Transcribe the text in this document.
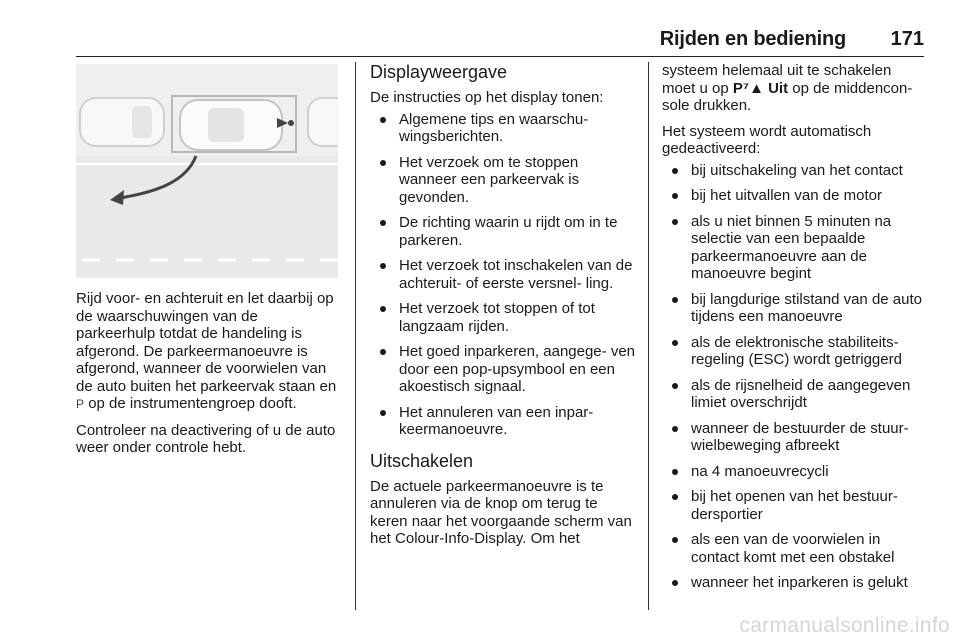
Rijden en bediening 171

Rijd voor- en achteruit en let daarbij op de waarschuwingen van de parkeerhulp totdat de handeling is afgerond. De parkeermanoeuvre is afgerond, wanneer de voorwielen van de auto buiten het parkeervak staan en P op de instrumentengroep dooft.

Controleer na deactivering of u de auto weer onder controle hebt.

Displayweergave

De instructies op het display tonen:

Algemene tips en waarschu- wingsberichten.
Het verzoek om te stoppen wanneer een parkeervak is gevonden.
De richting waarin u rijdt om in te parkeren.
Het verzoek tot inschakelen van de achteruit- of eerste versnel- ling.
Het verzoek tot stoppen of tot langzaam rijden.
Het goed inparkeren, aangege- ven door een pop-upsymbool en een akoestisch signaal.
Het annuleren van een inpar- keermanoeuvre.
Uitschakelen

De actuele parkeermanoeuvre is te annuleren via de knop om terug te keren naar het voorgaande scherm van het Colour-Info-Display. Om het

systeem helemaal uit te schakelen moet u op P⁷▲ Uit op de middencon- sole drukken.

Het systeem wordt automatisch gedeactiveerd:

bij uitschakeling van het contact
bij het uitvallen van de motor
als u niet binnen 5 minuten na selectie van een bepaalde parkeermanoeuvre aan de manoeuvre begint
bij langdurige stilstand van de auto tijdens een manoeuvre
als de elektronische stabiliteits- regeling (ESC) wordt getriggerd
als de rijsnelheid de aangegeven limiet overschrijdt
wanneer de bestuurder de stuur- wielbeweging afbreekt
na 4 manoeuvrecycli
bij het openen van het bestuur- dersportier
als een van de voorwielen in contact komt met een obstakel
wanneer het inparkeren is gelukt
carmanualsonline.info
